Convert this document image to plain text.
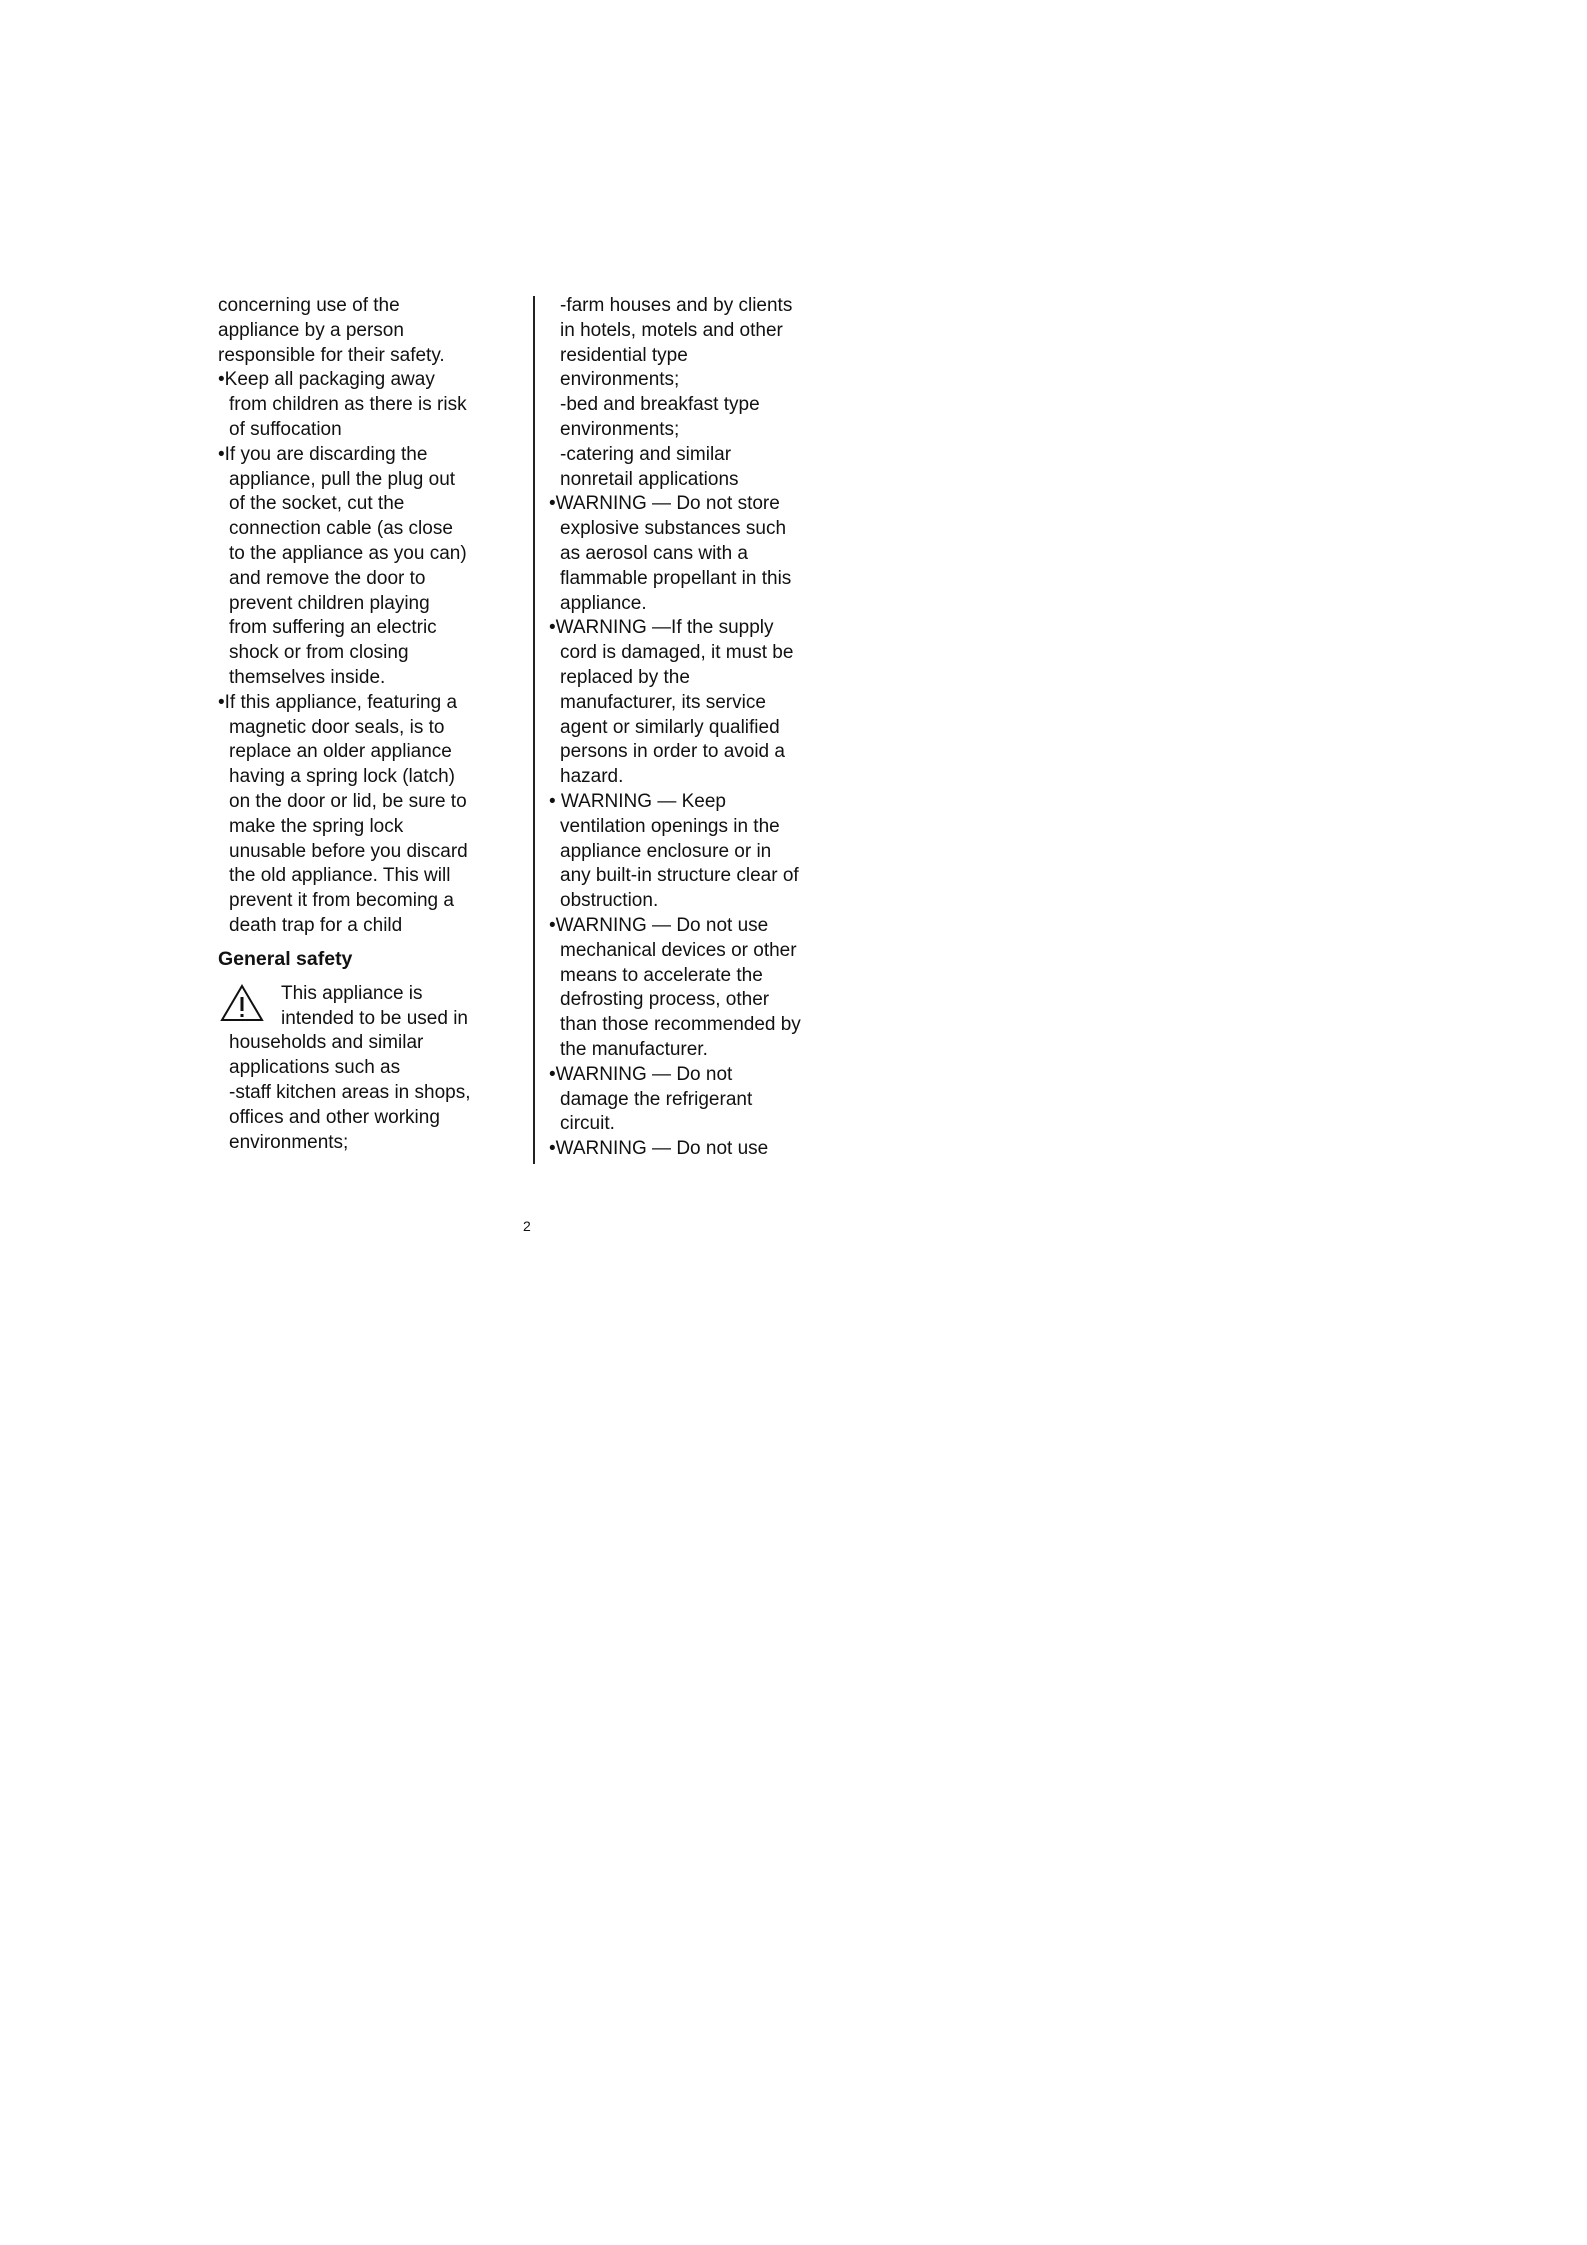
concerning use of the

appliance by a person

responsible for their safety.

•Keep all packaging away

from children as there is risk

of suffocation

•If you are discarding the

appliance, pull the plug out

of the socket, cut the

connection cable (as close

to the appliance as you can)

and remove the door to

prevent children playing

from suffering an electric

shock or from closing

themselves inside.

•If this appliance, featuring a

magnetic door seals, is to

replace an older appliance

having a spring lock (latch)

on the door or lid, be sure to

make the spring lock

unusable before you discard

the old appliance. This will

prevent it from becoming a

death trap for a child

General safety

This appliance is

intended to be used in

households and similar

applications such as

-staff kitchen areas in shops,

offices and other working

environments;

-farm houses and by clients

in hotels, motels and other

residential type

environments;

-bed and breakfast type

environments;

-catering and similar

nonretail applications

•WARNING — Do not store

explosive substances such

as aerosol cans with a

flammable propellant in this

appliance.

•WARNING —If the supply

cord is damaged, it must be

replaced by the

manufacturer, its service

agent or similarly qualified

persons in order to avoid a

hazard.

• WARNING — Keep

ventilation openings in the

appliance enclosure or in

any built-in structure clear of

obstruction.

•WARNING — Do not use

mechanical devices or other

means to accelerate the

defrosting process, other

than those recommended by

the manufacturer.

•WARNING — Do not

damage the refrigerant

circuit.

•WARNING — Do not use

2
